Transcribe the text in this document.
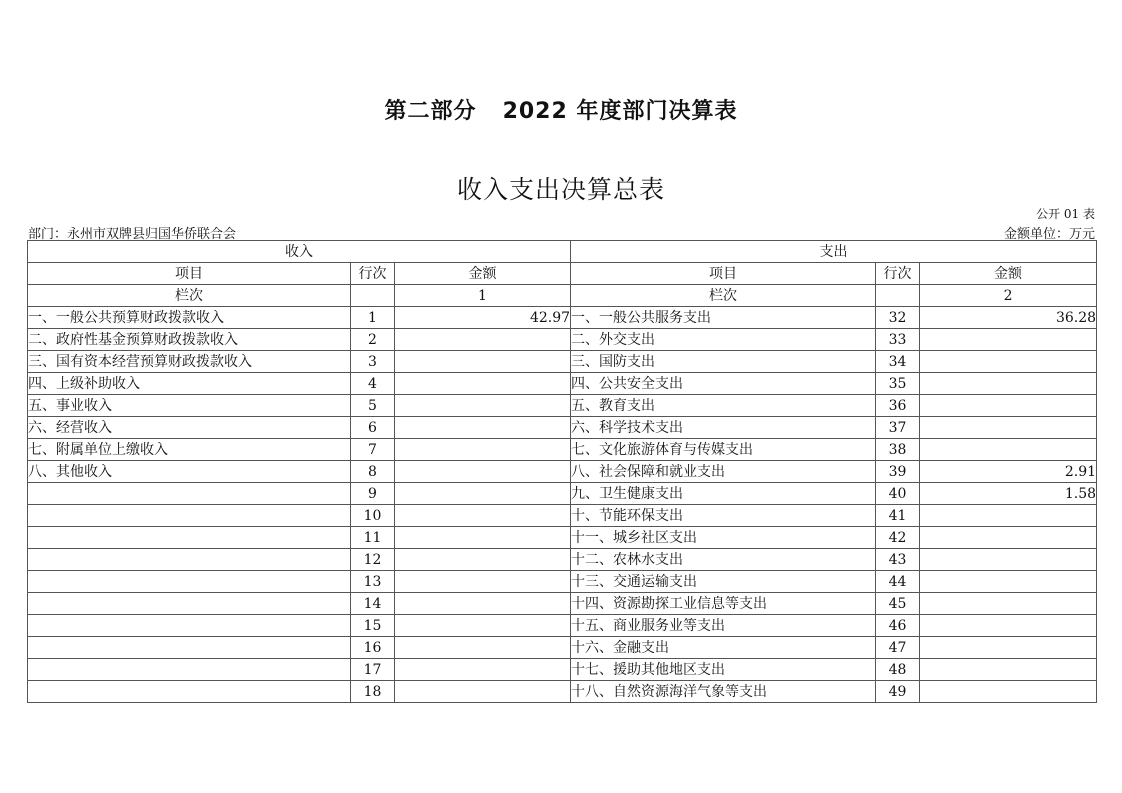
第二部分 2022 年度部门决算表
收入支出决算总表
公开 01 表
部门：永州市双牌县归国华侨联合会	金额单位：万元
收入			支出		
项目	行次	金额	项目	行次	金额
栏次		1	栏次		2
一、一般公共预算财政拨款收入	1	42.97	一、一般公共服务支出	32	36.28
二、政府性基金预算财政拨款收入	2		二、外交支出	33	
三、国有资本经营预算财政拨款收入	3		三、国防支出	34	
四、上级补助收入	4		四、公共安全支出	35	
五、事业收入	5		五、教育支出	36	
六、经营收入	6		六、科学技术支出	37	
七、附属单位上缴收入	7		七、文化旅游体育与传媒支出	38	
八、其他收入	8		八、社会保障和就业支出	39	2.91
	9		九、卫生健康支出	40	1.58
	10		十、节能环保支出	41	
	11		十一、城乡社区支出	42	
	12		十二、农林水支出	43	
	13		十三、交通运输支出	44	
	14		十四、资源勘探工业信息等支出	45	
	15		十五、商业服务业等支出	46	
	16		十六、金融支出	47	
	17		十七、援助其他地区支出	48	
	18		十八、自然资源海洋气象等支出	49	
